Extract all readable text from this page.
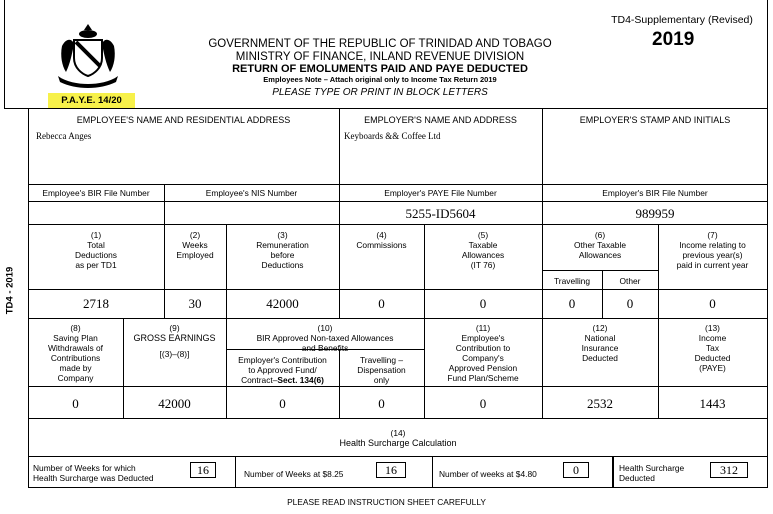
P.A.Y.E. 14/20
TD4-Supplementary (Revised)
2019
GOVERNMENT OF THE REPUBLIC OF TRINIDAD AND TOBAGO
MINISTRY OF FINANCE, INLAND REVENUE DIVISION
RETURN OF EMOLUMENTS PAID AND PAYE DEDUCTED
Employees Note – Attach original only to Income Tax Return 2019
PLEASE TYPE OR PRINT IN BLOCK LETTERS
TD4 - 2019
EMPLOYEE'S NAME AND RESIDENTIAL ADDRESS
Rebecca Anges
EMPLOYER'S NAME AND ADDRESS
Keyboards && Coffee Ltd
EMPLOYER'S STAMP AND INITIALS
Employee's BIR File Number	Employee's NIS Number	Employer's PAYE File Number
5255-ID5604
Employer's BIR File Number
989959
(1)
Total
Deductions
as per TD1
2718
(2)
Weeks
Employed
30
(3)
Remuneration
before
Deductions
42000
(4)
Commissions
0
(5)
Taxable
Allowances
(IT 76)
0
(6)
Other Taxable
Allowances
Travelling	Other
0	0
(7)
Income relating to
previous year(s)
paid in current year
0
(8)
Saving Plan
Withdrawals of
Contributions
made by
Company
0
(9)
GROSS EARNINGS
[(3)–(8)]
42000
(10)
BIR Approved Non-taxed Allowances
and Benefits
Employer's Contribution
to Approved Fund/
Contract–Sect. 134(6)
0
Travelling –
Dispensation
only
0
(11)
Employee's
Contribution to
Company's
Approved Pension
Fund Plan/Scheme
0
(12)
National
Insurance
Deducted
2532
(13)
Income
Tax
Deducted
(PAYE)
1443
(14)
Health Surcharge Calculation
Number of Weeks for which
Health Surcharge was Deducted
16	Number of Weeks at $8.25	16	Number of weeks at $4.80	0	Health Surcharge
Deducted
312
PLEASE READ INSTRUCTION SHEET CAREFULLY
